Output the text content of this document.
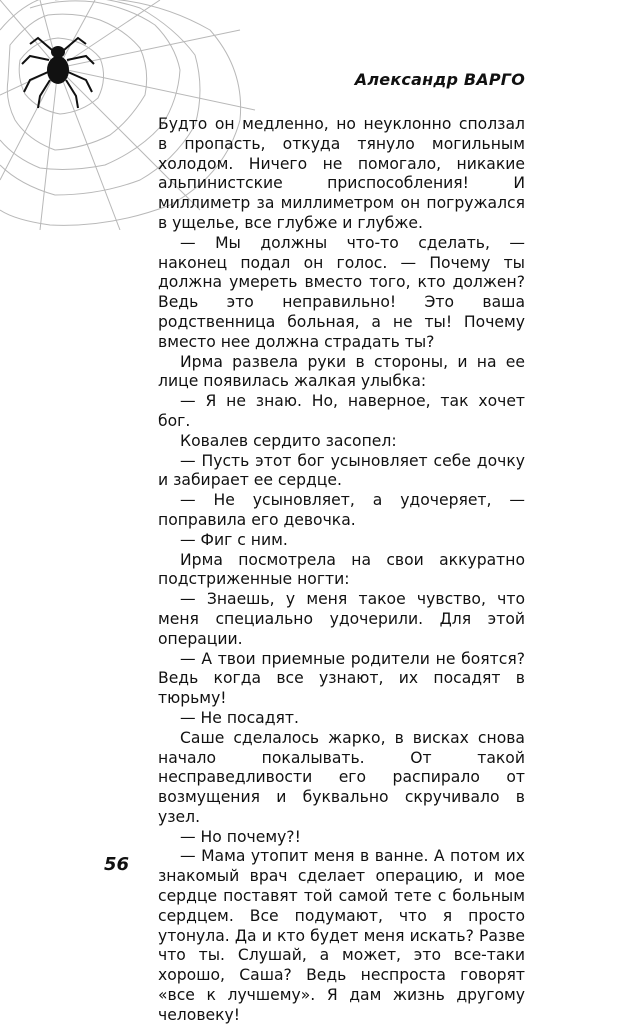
Александр ВАРГО

Будто он медленно, но неуклонно сползал в пропасть, откуда тянуло могильным холодом. Ничего не помогало, никакие альпинистские приспособления! И миллиметр за миллиметром он погружался в ущелье, все глубже и глубже.

— Мы должны что-то сделать, — наконец подал он голос. — Почему ты должна умереть вместо того, кто должен? Ведь это неправильно! Это ваша родственница больная, а не ты! Почему вместо нее должна страдать ты?

Ирма развела руки в стороны, и на ее лице появилась жалкая улыбка:

— Я не знаю. Но, наверное, так хочет бог.

Ковалев сердито засопел:

— Пусть этот бог усыновляет себе дочку и забирает ее сердце.

— Не усыновляет, а удочеряет, — поправила его девочка.

— Фиг с ним.

Ирма посмотрела на свои аккуратно подстриженные ногти:

— Знаешь, у меня такое чувство, что меня специально удочерили. Для этой операции.

— А твои приемные родители не боятся? Ведь когда все узнают, их посадят в тюрьму!

— Не посадят.

Саше сделалось жарко, в висках снова начало покалывать. От такой несправедливости его распирало от возмущения и буквально скручивало в узел.

— Но почему?!

— Мама утопит меня в ванне. А потом их знакомый врач сделает операцию, и мое сердце поставят той самой тете с больным сердцем. Все подумают, что я просто утонула. Да и кто будет меня искать? Разве что ты. Слушай, а может, это все-таки хорошо, Саша? Ведь неспроста говорят «все к лучшему». Я дам жизнь другому человеку!

56
